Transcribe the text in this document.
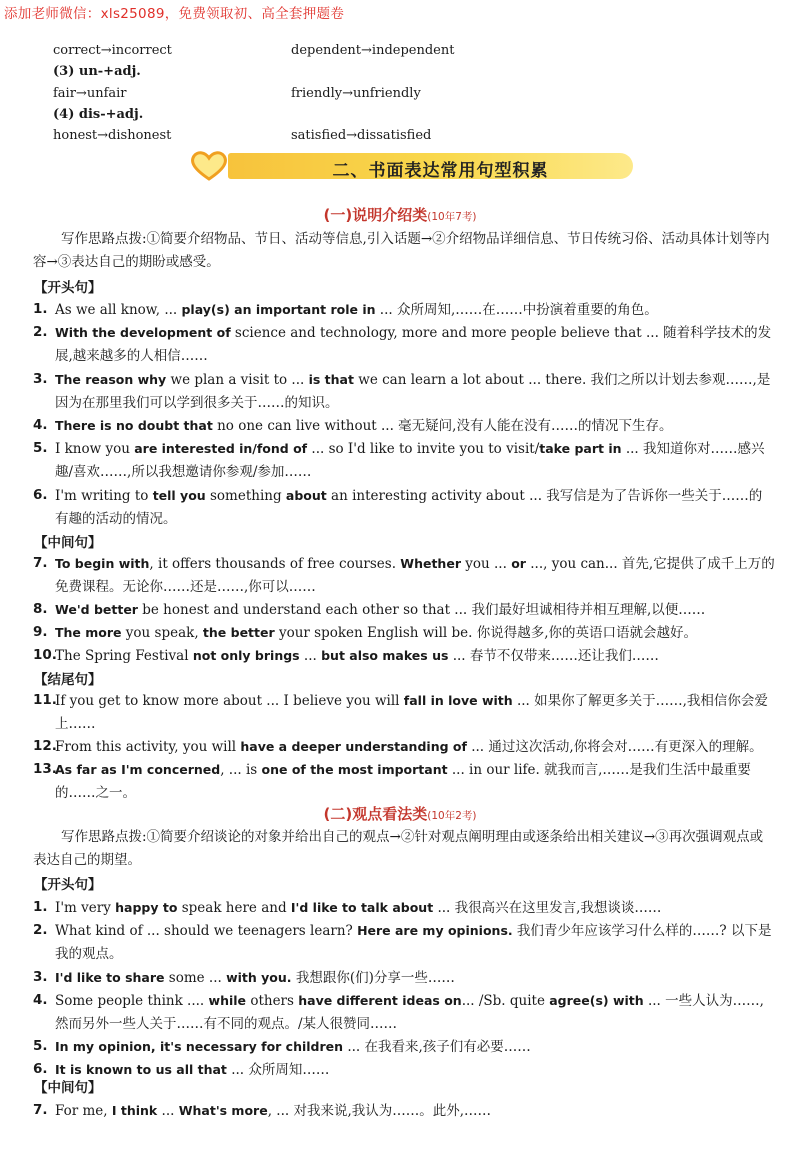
添加老师微信：xls25089，免费领取初、高全套押题卷
correct→incorrect	dependent→independent
(3) un-+adj.
fair→unfair	friendly→unfriendly
(4) dis-+adj.
honest→dishonest	satisfied→dissatisfied
二、书面表达常用句型积累
(一)说明介绍类(10年7考)
写作思路点拨:①简要介绍物品、节日、活动等信息,引入话题→②介绍物品详细信息、节日传统习俗、活动具体计划等内容→③表达自己的期盼或感受。
【开头句】
1. As we all know, ... play(s) an important role in ... 众所周知,……在……中扮演着重要的角色。
2. With the development of science and technology, more and more people believe that ... 随着科学技术的发展,越来越多的人相信……
3. The reason why we plan a visit to ... is that we can learn a lot about ... there. 我们之所以计划去参观……,是因为在那里我们可以学到很多关于……的知识。
4. There is no doubt that no one can live without ... 毫无疑问,没有人能在没有……的情况下生存。
5. I know you are interested in/fond of ... so I'd like to invite you to visit/take part in ... 我知道你对……感兴趣/喜欢……,所以我想邀请你参观/参加……
6. I'm writing to tell you something about an interesting activity about ... 我写信是为了告诉你一些关于……的有趣的活动的情况。
7. To begin with, it offers thousands of free courses. Whether you ... or ..., you can... 首先,它提供了成千上万的免费课程。无论你……还是……,你可以……
8. We'd better be honest and understand each other so that ... 我们最好坦诚相待并相互理解,以便……
9. The more you speak, the better your spoken English will be. 你说得越多,你的英语口语就会越好。
10.
The Spring Festival not only brings ... but also makes us ... 春节不仅带来……还让我们……
11.
If you get to know more about ... I believe you will fall in love with ... 如果你了解更多关于……,我相信你会爱上……
12.
From this activity, you will have a deeper understanding of ... 通过这次活动,你将会对……有更深入的理解。
13.
As far as I'm concerned, ... is one of the most important ... in our life. 就我而言,……是我们生活中最重要的……之一。
【中间句】
【结尾句】
(二)观点看法类(10年2考)
写作思路点拨:①简要介绍谈论的对象并给出自己的观点→②针对观点阐明理由或逐条给出相关建议→③再次强调观点或表达自己的期望。
【开头句】
【中间句】
1. I'm very happy to speak here and I'd like to talk about ... 我很高兴在这里发言,我想谈谈……
2. What kind of ... should we teenagers learn? Here are my opinions. 我们青少年应该学习什么样的……? 以下是我的观点。
3. I'd like to share some ... with you. 我想跟你(们)分享一些……
4. Some people think .... while others have different ideas on... /Sb. quite agree(s) with ... 一些人认为……,然而另外一些人关于……有不同的观点。/某人很赞同……
5. In my opinion, it's necessary for children ... 在我看来,孩子们有必要……
6. It is known to us all that ... 众所周知……
7. For me, I think ... What's more, ... 对我来说,我认为……。此外,……
